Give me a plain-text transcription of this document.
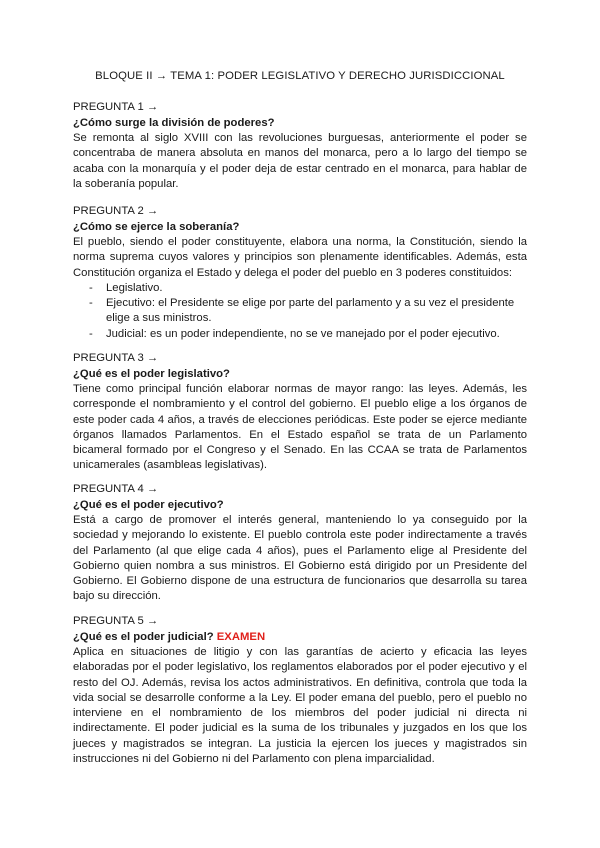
BLOQUE II → TEMA 1: PODER LEGISLATIVO Y DERECHO JURISDICCIONAL
PREGUNTA 1 →
¿Cómo surge la división de poderes?
Se remonta al siglo XVIII con las revoluciones burguesas, anteriormente el poder se concentraba de manera absoluta en manos del monarca, pero a lo largo del tiempo se acaba con la monarquía y el poder deja de estar centrado en el monarca, para hablar de la soberanía popular.
PREGUNTA 2 →
¿Cómo se ejerce la soberanía?
El pueblo, siendo el poder constituyente, elabora una norma, la Constitución, siendo la norma suprema cuyos valores y principios son plenamente identificables. Además, esta Constitución organiza el Estado y delega el poder del pueblo en 3 poderes constituidos:
- Legislativo.
- Ejecutivo: el Presidente se elige por parte del parlamento y a su vez el presidente elige a sus ministros.
- Judicial: es un poder independiente, no se ve manejado por el poder ejecutivo.
PREGUNTA 3 →
¿Qué es el poder legislativo?
Tiene como principal función elaborar normas de mayor rango: las leyes. Además, les corresponde el nombramiento y el control del gobierno. El pueblo elige a los órganos de este poder cada 4 años, a través de elecciones periódicas. Este poder se ejerce mediante órganos llamados Parlamentos. En el Estado español se trata de un Parlamento bicameral formado por el Congreso y el Senado. En las CCAA se trata de Parlamentos unicamerales (asambleas legislativas).
PREGUNTA 4 →
¿Qué es el poder ejecutivo?
Está a cargo de promover el interés general, manteniendo lo ya conseguido por la sociedad y mejorando lo existente. El pueblo controla este poder indirectamente a través del Parlamento (al que elige cada 4 años), pues el Parlamento elige al Presidente del Gobierno quien nombra a sus ministros. El Gobierno está dirigido por un Presidente del Gobierno. El Gobierno dispone de una estructura de funcionarios que desarrolla su tarea bajo su dirección.
PREGUNTA 5 →
¿Qué es el poder judicial? EXAMEN
Aplica en situaciones de litigio y con las garantías de acierto y eficacia las leyes elaboradas por el poder legislativo, los reglamentos elaborados por el poder ejecutivo y el resto del OJ. Además, revisa los actos administrativos. En definitiva, controla que toda la vida social se desarrolle conforme a la Ley. El poder emana del pueblo, pero el pueblo no interviene en el nombramiento de los miembros del poder judicial ni directa ni indirectamente. El poder judicial es la suma de los tribunales y juzgados en los que los jueces y magistrados se integran. La justicia la ejercen los jueces y magistrados sin instrucciones ni del Gobierno ni del Parlamento con plena imparcialidad.
